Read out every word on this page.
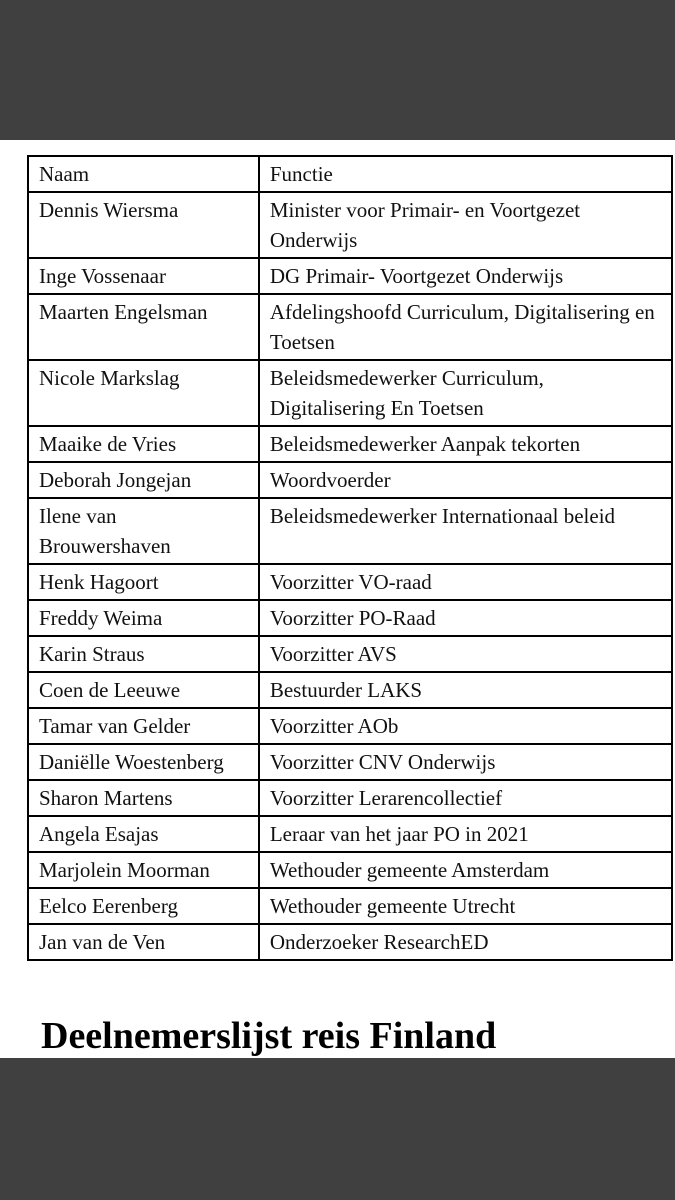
Naam	Functie
Dennis Wiersma	Minister voor Primair- en Voortgezet Onderwijs
Inge Vossenaar	DG Primair- Voortgezet Onderwijs
Maarten Engelsman	Afdelingshoofd Curriculum, Digitalisering en Toetsen
Nicole Markslag	Beleidsmedewerker Curriculum, Digitalisering En Toetsen
Maaike de Vries	Beleidsmedewerker Aanpak tekorten
Deborah Jongejan	Woordvoerder
Ilene van Brouwershaven	Beleidsmedewerker Internationaal beleid
Henk Hagoort	Voorzitter VO-raad
Freddy Weima	Voorzitter PO-Raad
Karin Straus	Voorzitter AVS
Coen de Leeuwe	Bestuurder LAKS
Tamar van Gelder	Voorzitter AOb
Daniëlle Woestenberg	Voorzitter CNV Onderwijs
Sharon Martens	Voorzitter Lerarencollectief
Angela Esajas	Leraar van het jaar PO in 2021
Marjolein Moorman	Wethouder gemeente Amsterdam
Eelco Eerenberg	Wethouder gemeente Utrecht
Jan van de Ven	Onderzoeker ResearchED
Deelnemerslijst reis Finland
